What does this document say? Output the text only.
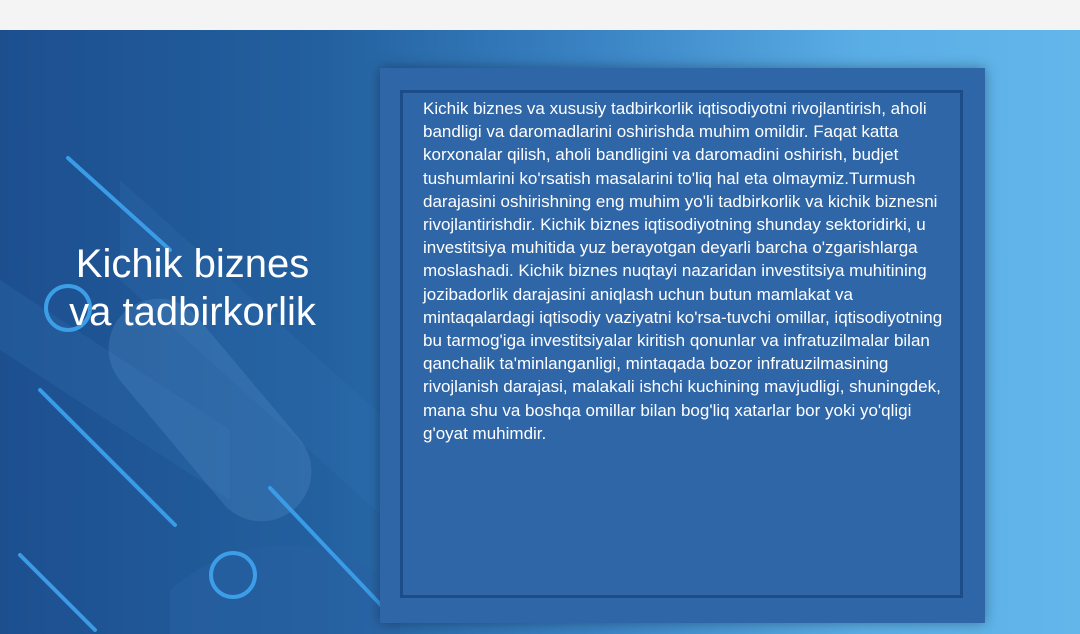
Kichik biznes va tadbirkorlik
Kichik biznes va xususiy tadbirkorlik iqtisodiyotni rivojlantirish, aholi bandligi va daromadlarini oshirishda muhim omildir. Faqat katta korxonalar qilish, aholi bandligini va daromadini oshirish, budjet tushumlarini ko'rsatish masalarini to'liq hal eta olmaymiz.Turmush darajasini oshirishning eng muhim yo'li tadbirkorlik va kichik biznesni rivojlantirishdir. Kichik biznes iqtisodiyotning shunday sektoridirki, u investitsiya muhitida yuz berayotgan deyarli barcha o'zgarishlarga moslashadi. Kichik biznes nuqtayi nazaridan investitsiya muhitining jozibadorlik darajasini aniqlash uchun butun mamlakat va mintaqalardagi iqtisodiy vaziyatni ko'rsa-tuvchi omillar, iqtisodiyotning bu tarmog'iga investitsiyalar kiritish qonunlar va infratuzilmalar bilan qanchalik ta'minlanganligi, mintaqada bozor infratuzilmasining rivojlanish darajasi, malakali ishchi kuchining mavjudligi, shuningdek, mana shu va boshqa omillar bilan bog'liq xatarlar bor yoki yo'qligi g'oyat muhimdir.
